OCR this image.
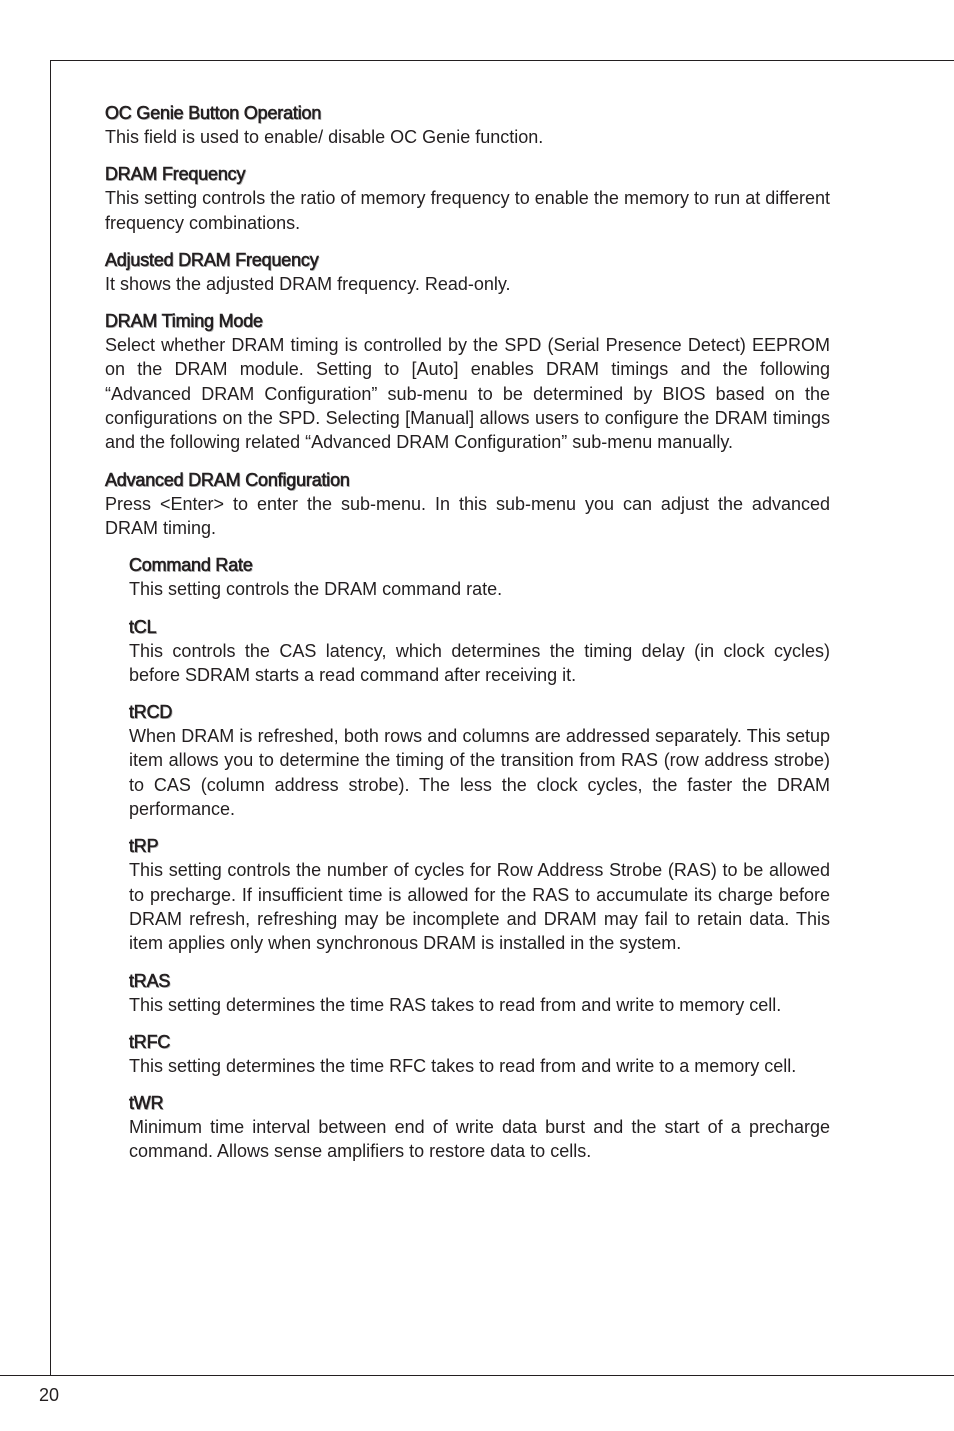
OC Genie Button Operation

This field is used to enable/ disable OC Genie function.

DRAM Frequency

This setting controls the ratio of memory frequency to enable the memory to run at different frequency combinations.

Adjusted DRAM Frequency

It shows the adjusted DRAM frequency. Read-only.

DRAM Timing Mode

Select whether DRAM timing is controlled by the SPD (Serial Presence Detect) EEPROM on the DRAM module. Setting to [Auto] enables DRAM timings and the following “Advanced DRAM Configuration” sub-menu to be determined by BIOS based on the configurations on the SPD. Selecting [Manual] allows users to configure the DRAM timings and the following related “Advanced DRAM Configuration” sub-menu manually.

Advanced DRAM Configuration

Press <Enter> to enter the sub-menu. In this sub-menu you can adjust the advanced DRAM timing.

Command Rate

This setting controls the DRAM command rate.

tCL

This controls the CAS latency, which determines the timing delay (in clock cycles) before SDRAM starts a read command after receiving it.

tRCD

When DRAM is refreshed, both rows and columns are addressed separately. This setup item allows you to determine the timing of the transition from RAS (row address strobe) to CAS (column address strobe). The less the clock cycles, the faster the DRAM performance.

tRP

This setting controls the number of cycles for Row Address Strobe (RAS) to be allowed to precharge. If insufficient time is allowed for the RAS to accumulate its charge before DRAM refresh, refreshing may be incomplete and DRAM may fail to retain data. This item applies only when synchronous DRAM is installed in the system.

tRAS

This setting determines the time RAS takes to read from and write to memory cell.

tRFC

This setting determines the time RFC takes to read from and write to a memory cell.

tWR

Minimum time interval between end of write data burst and the start of a precharge command. Allows sense amplifiers to restore data to cells.

20
